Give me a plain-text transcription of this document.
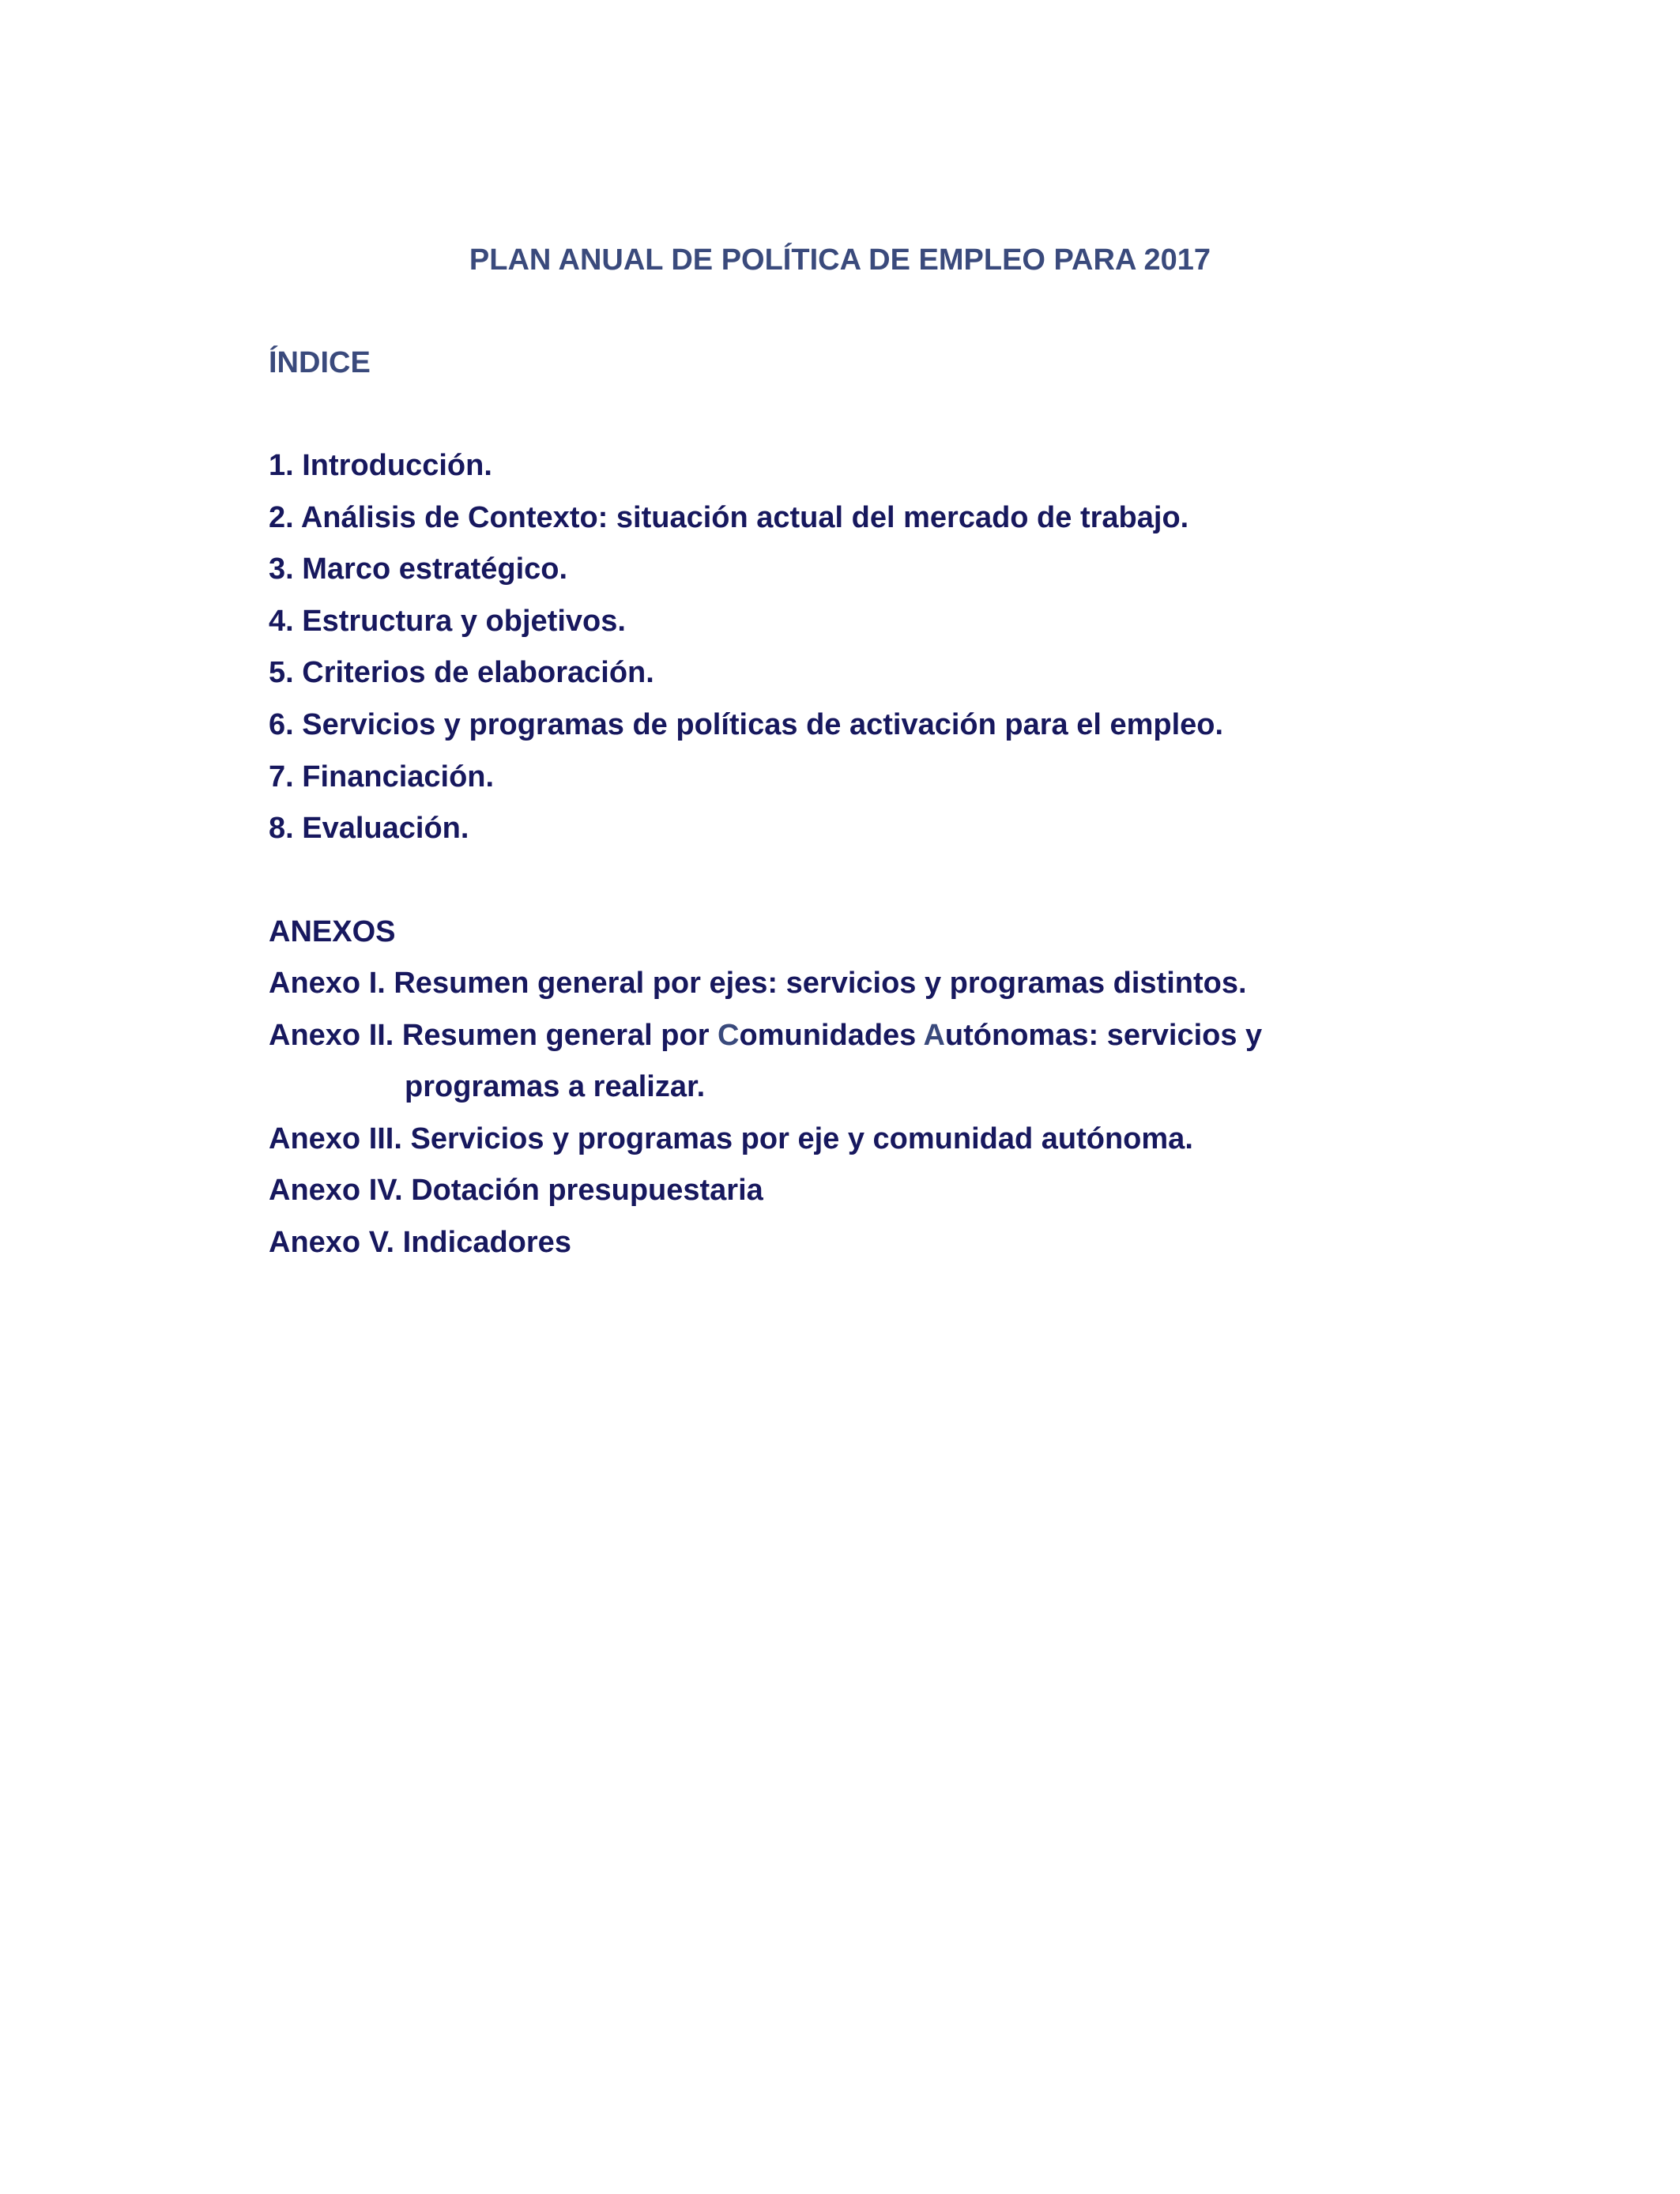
PLAN ANUAL DE POLÍTICA DE EMPLEO PARA 2017
ÍNDICE
1. Introducción.
2. Análisis de Contexto: situación actual del mercado de trabajo.
3. Marco estratégico.
4. Estructura y objetivos.
5. Criterios de elaboración.
6. Servicios y programas de políticas de activación para el empleo.
7. Financiación.
8. Evaluación.
ANEXOS
Anexo I. Resumen general por ejes: servicios y programas distintos.
Anexo II. Resumen general por Comunidades Autónomas: servicios y
programas a realizar.
Anexo III. Servicios y programas por eje y comunidad autónoma.
Anexo IV. Dotación presupuestaria
Anexo V. Indicadores
